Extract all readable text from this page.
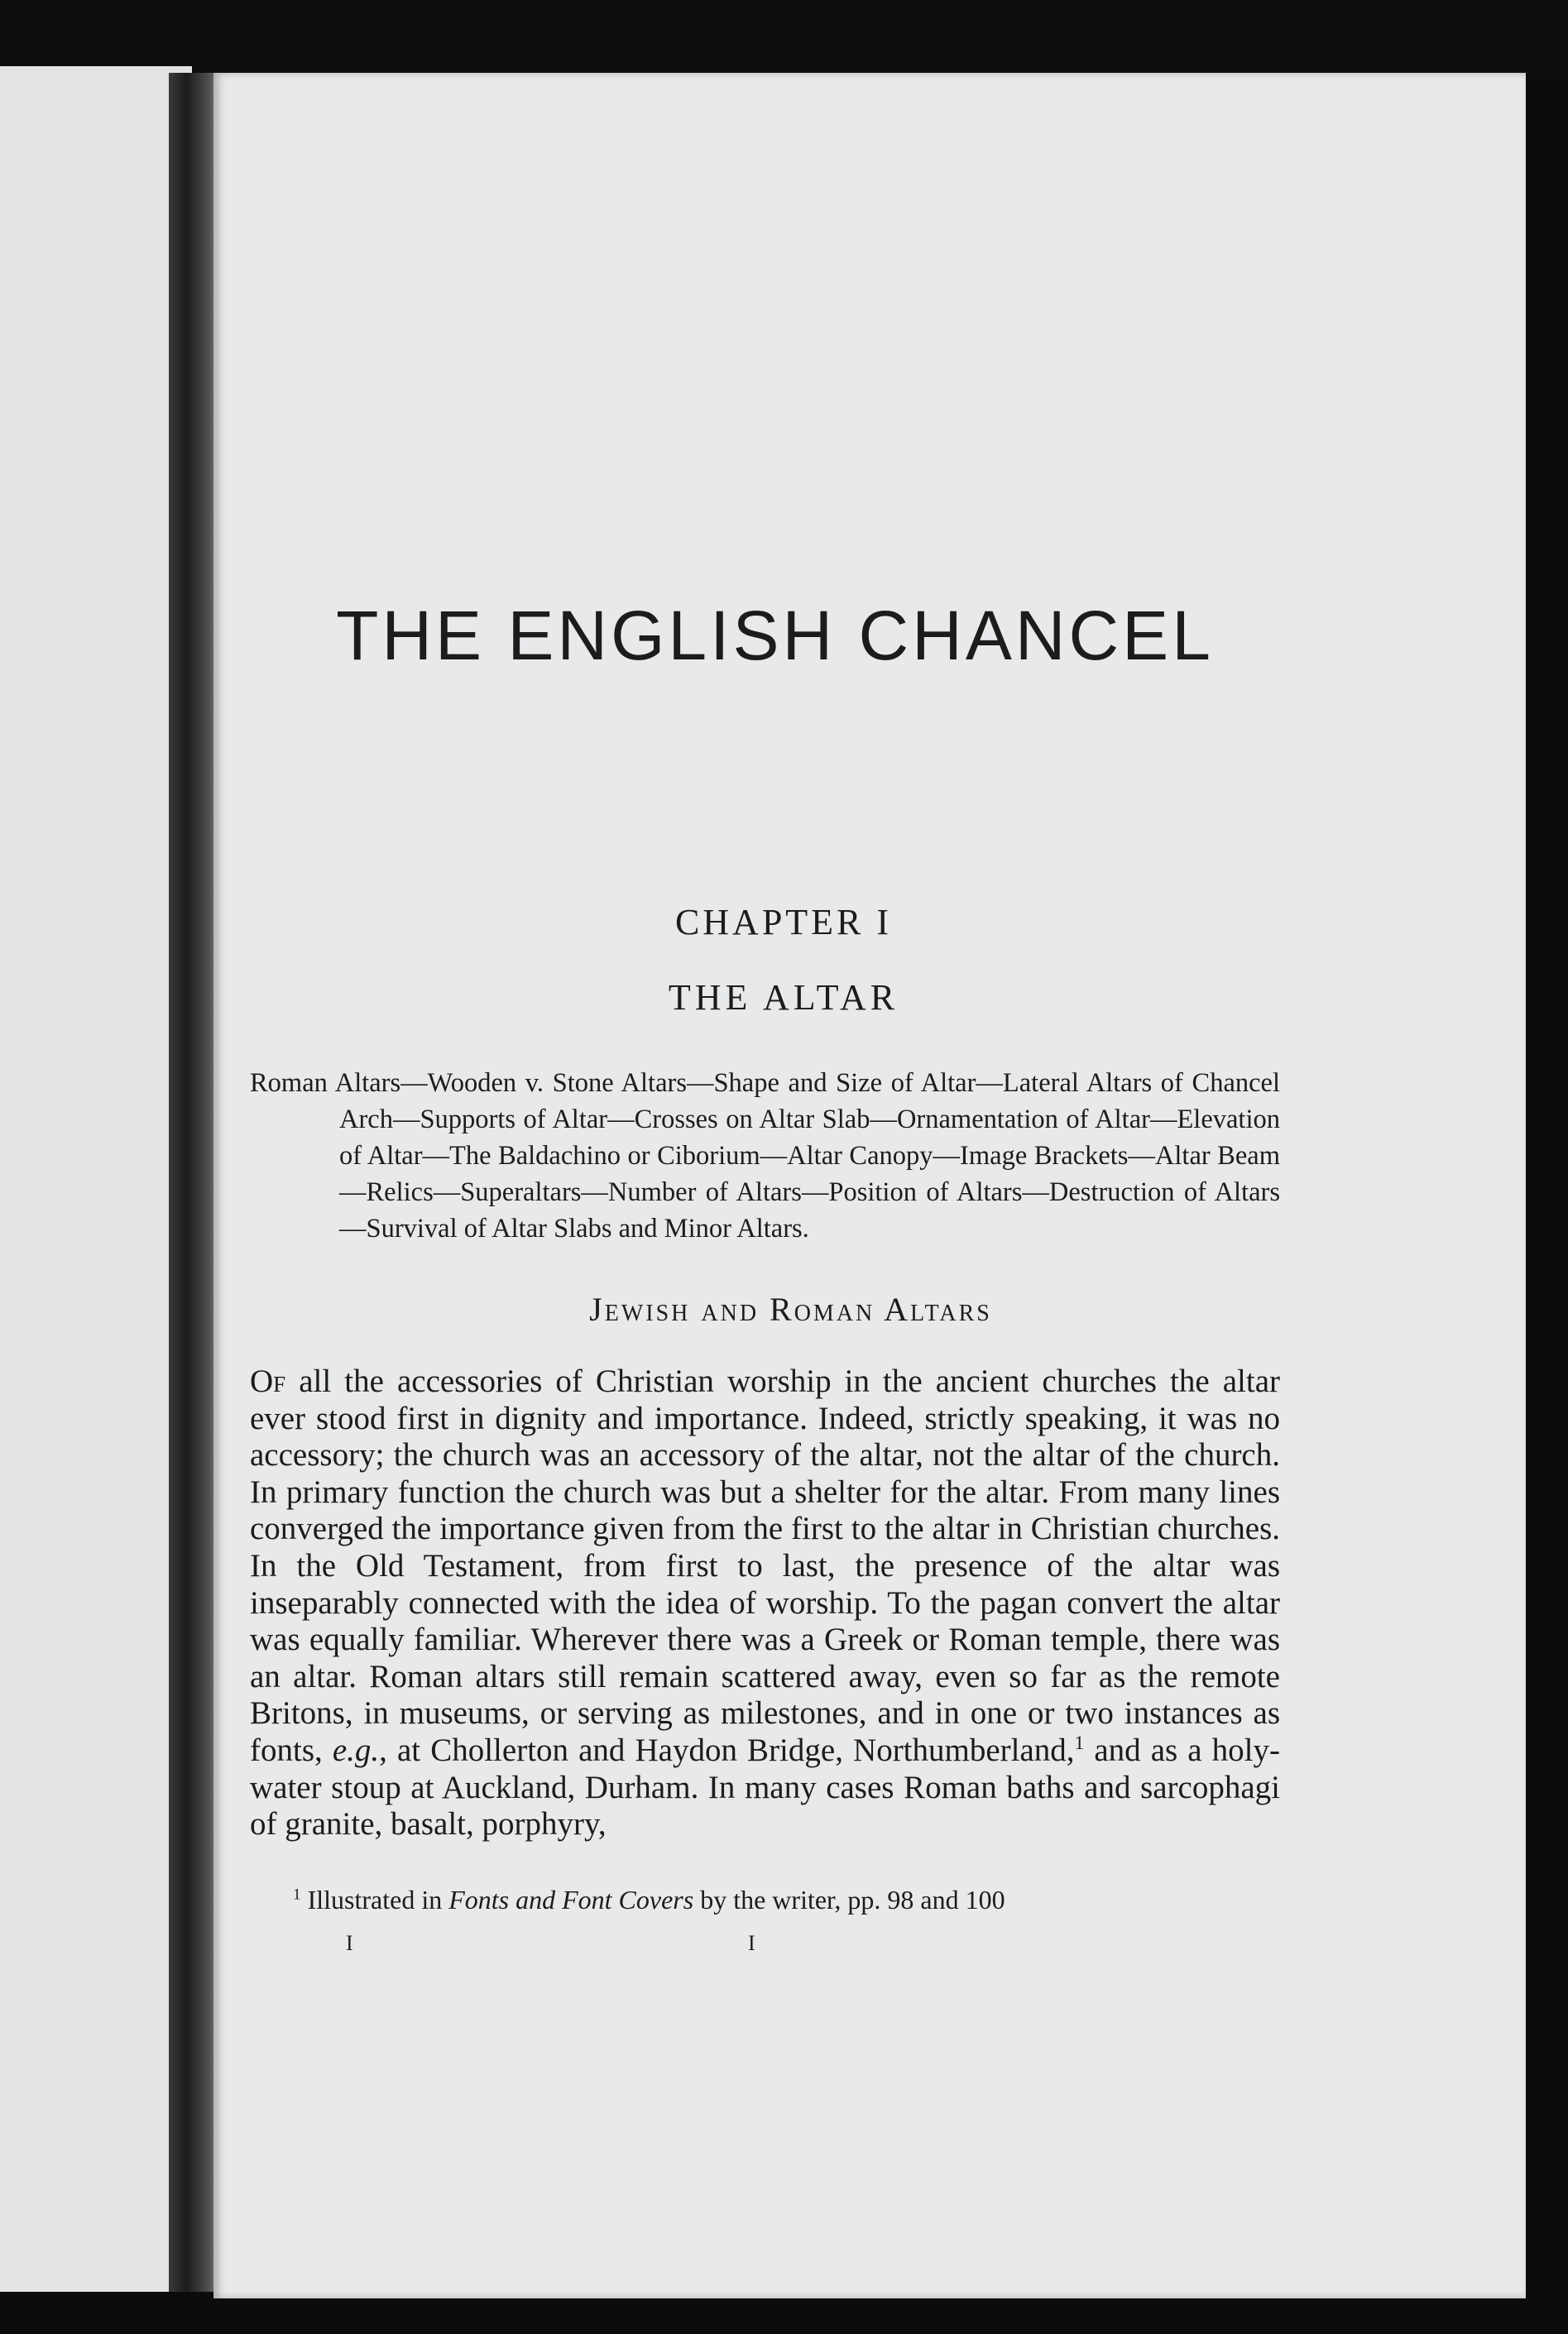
THE ENGLISH CHANCEL
CHAPTER I
THE ALTAR

Roman Altars—Wooden v. Stone Altars—Shape and Size of Altar—Lateral Altars of Chancel Arch—Supports of Altar—Crosses on Altar Slab—Ornamentation of Altar—Elevation of Altar—The Baldachino or Ciborium—Altar Canopy—Image Brackets—Altar Beam—Relics—Superaltars—Number of Altars—Position of Altars—Destruction of Altars—Survival of Altar Slabs and Minor Altars.

Jewish and Roman Altars

Of all the accessories of Christian worship in the ancient churches the altar ever stood first in dignity and importance. Indeed, strictly speaking, it was no accessory; the church was an accessory of the altar, not the altar of the church. In primary function the church was but a shelter for the altar. From many lines converged the importance given from the first to the altar in Christian churches. In the Old Testament, from first to last, the presence of the altar was inseparably connected with the idea of worship. To the pagan convert the altar was equally familiar. Wherever there was a Greek or Roman temple, there was an altar. Roman altars still remain scattered away, even so far as the remote Britons, in museums, or serving as milestones, and in one or two instances as fonts, e.g., at Chollerton and Haydon Bridge, Northumberland,$^1$ and as a holy-water stoup at Auckland, Durham. In many cases Roman baths and sarcophagi of granite, basalt, porphyry,

$^1$ Illustrated in Fonts and Font Covers by the writer, pp. 98 and 100

I	I
